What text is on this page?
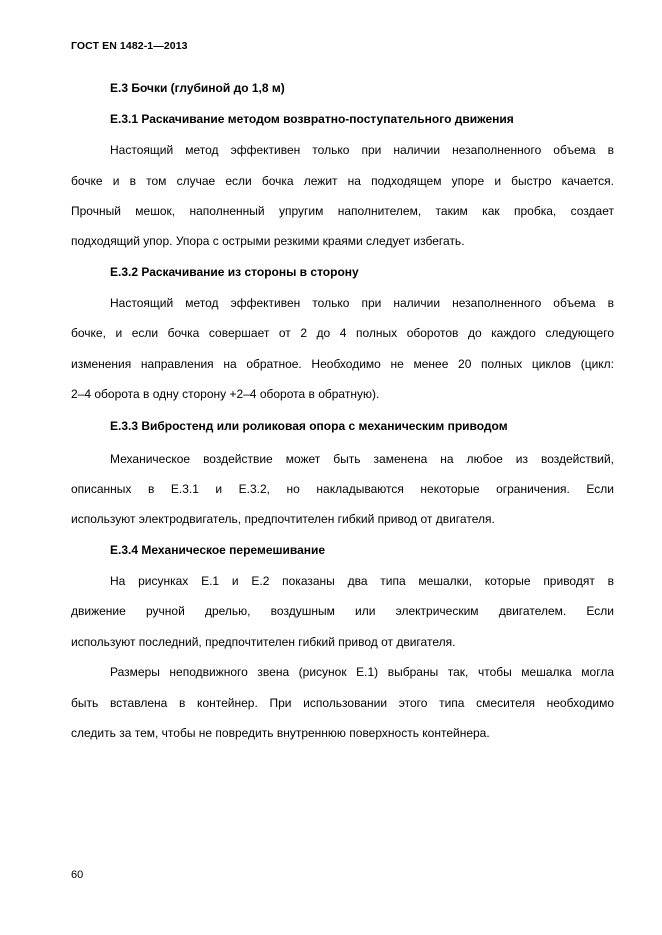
ГОСТ EN 1482-1—2013
Е.3 Бочки (глубиной до 1,8 м)
Е.3.1 Раскачивание методом возвратно-поступательного движения
Настоящий метод эффективен только при наличии незаполненного объема в
бочке и в том случае если бочка лежит на подходящем упоре и быстро качается.
Прочный мешок, наполненный упругим наполнителем, таким как пробка, создает
подходящий упор. Упора с острыми резкими краями следует избегать.
Е.3.2 Раскачивание из стороны в сторону
Настоящий метод эффективен только при наличии незаполненного объема в
бочке, и если бочка совершает от 2 до 4 полных оборотов до каждого следующего
изменения направления на обратное. Необходимо не менее 20 полных циклов (цикл:
2–4 оборота в одну сторону +2–4 оборота в обратную).
Е.3.3 Вибростенд или роликовая опора с механическим приводом
Механическое воздействие может быть заменена на любое из воздействий,
описанных в Е.3.1 и Е.3.2, но накладываются некоторые ограничения. Если
используют электродвигатель, предпочтителен гибкий привод от двигателя.
Е.3.4 Механическое перемешивание
На рисунках Е.1 и Е.2 показаны два типа мешалки, которые приводят в
движение ручной дрелью, воздушным или электрическим двигателем. Если
используют последний, предпочтителен гибкий привод от двигателя.
Размеры неподвижного звена (рисунок Е.1) выбраны так, чтобы мешалка могла
быть вставлена в контейнер. При использовании этого типа смесителя необходимо
следить за тем, чтобы не повредить внутреннюю поверхность контейнера.
60
